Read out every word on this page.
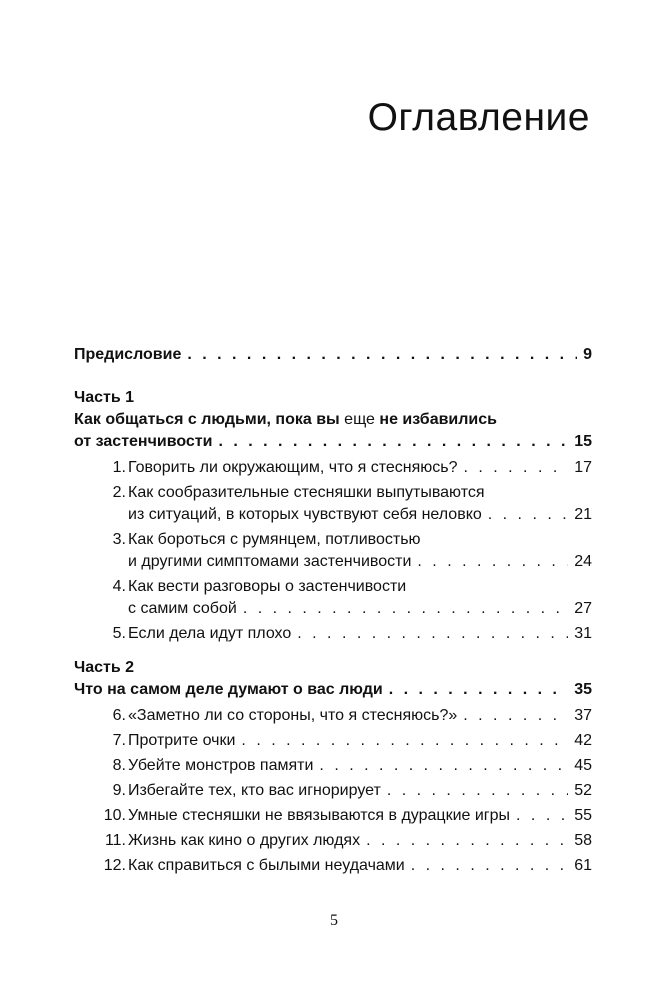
Оглавление
Предисловие . . .	9
Часть 1
Как общаться с людьми, пока вы еще не избавились
от застенчивости . . .	15
1. Говорить ли окружающим, что я стесняюсь? . . .	17
2. Как сообразительные стесняшки выпутываются
из ситуаций, в которых чувствуют себя неловко . . .	21
3. Как бороться с румянцем, потливостью
и другими симптомами застенчивости . . .	24
4. Как вести разговоры о застенчивости
с самим собой . . .	27
5. Если дела идут плохо . . .	31
Часть 2
Что на самом деле думают о вас люди . . .	35
6. «Заметно ли со стороны, что я стесняюсь?» . . .	37
7. Протрите очки . . .	42
8. Убейте монстров памяти . . .	45
9. Избегайте тех, кто вас игнорирует . . .	52
10. Умные стесняшки не ввязываются в дурацкие игры . . .	55
11. Жизнь как кино о других людях . . .	58
12. Как справиться с былыми неудачами . . .	61
5
